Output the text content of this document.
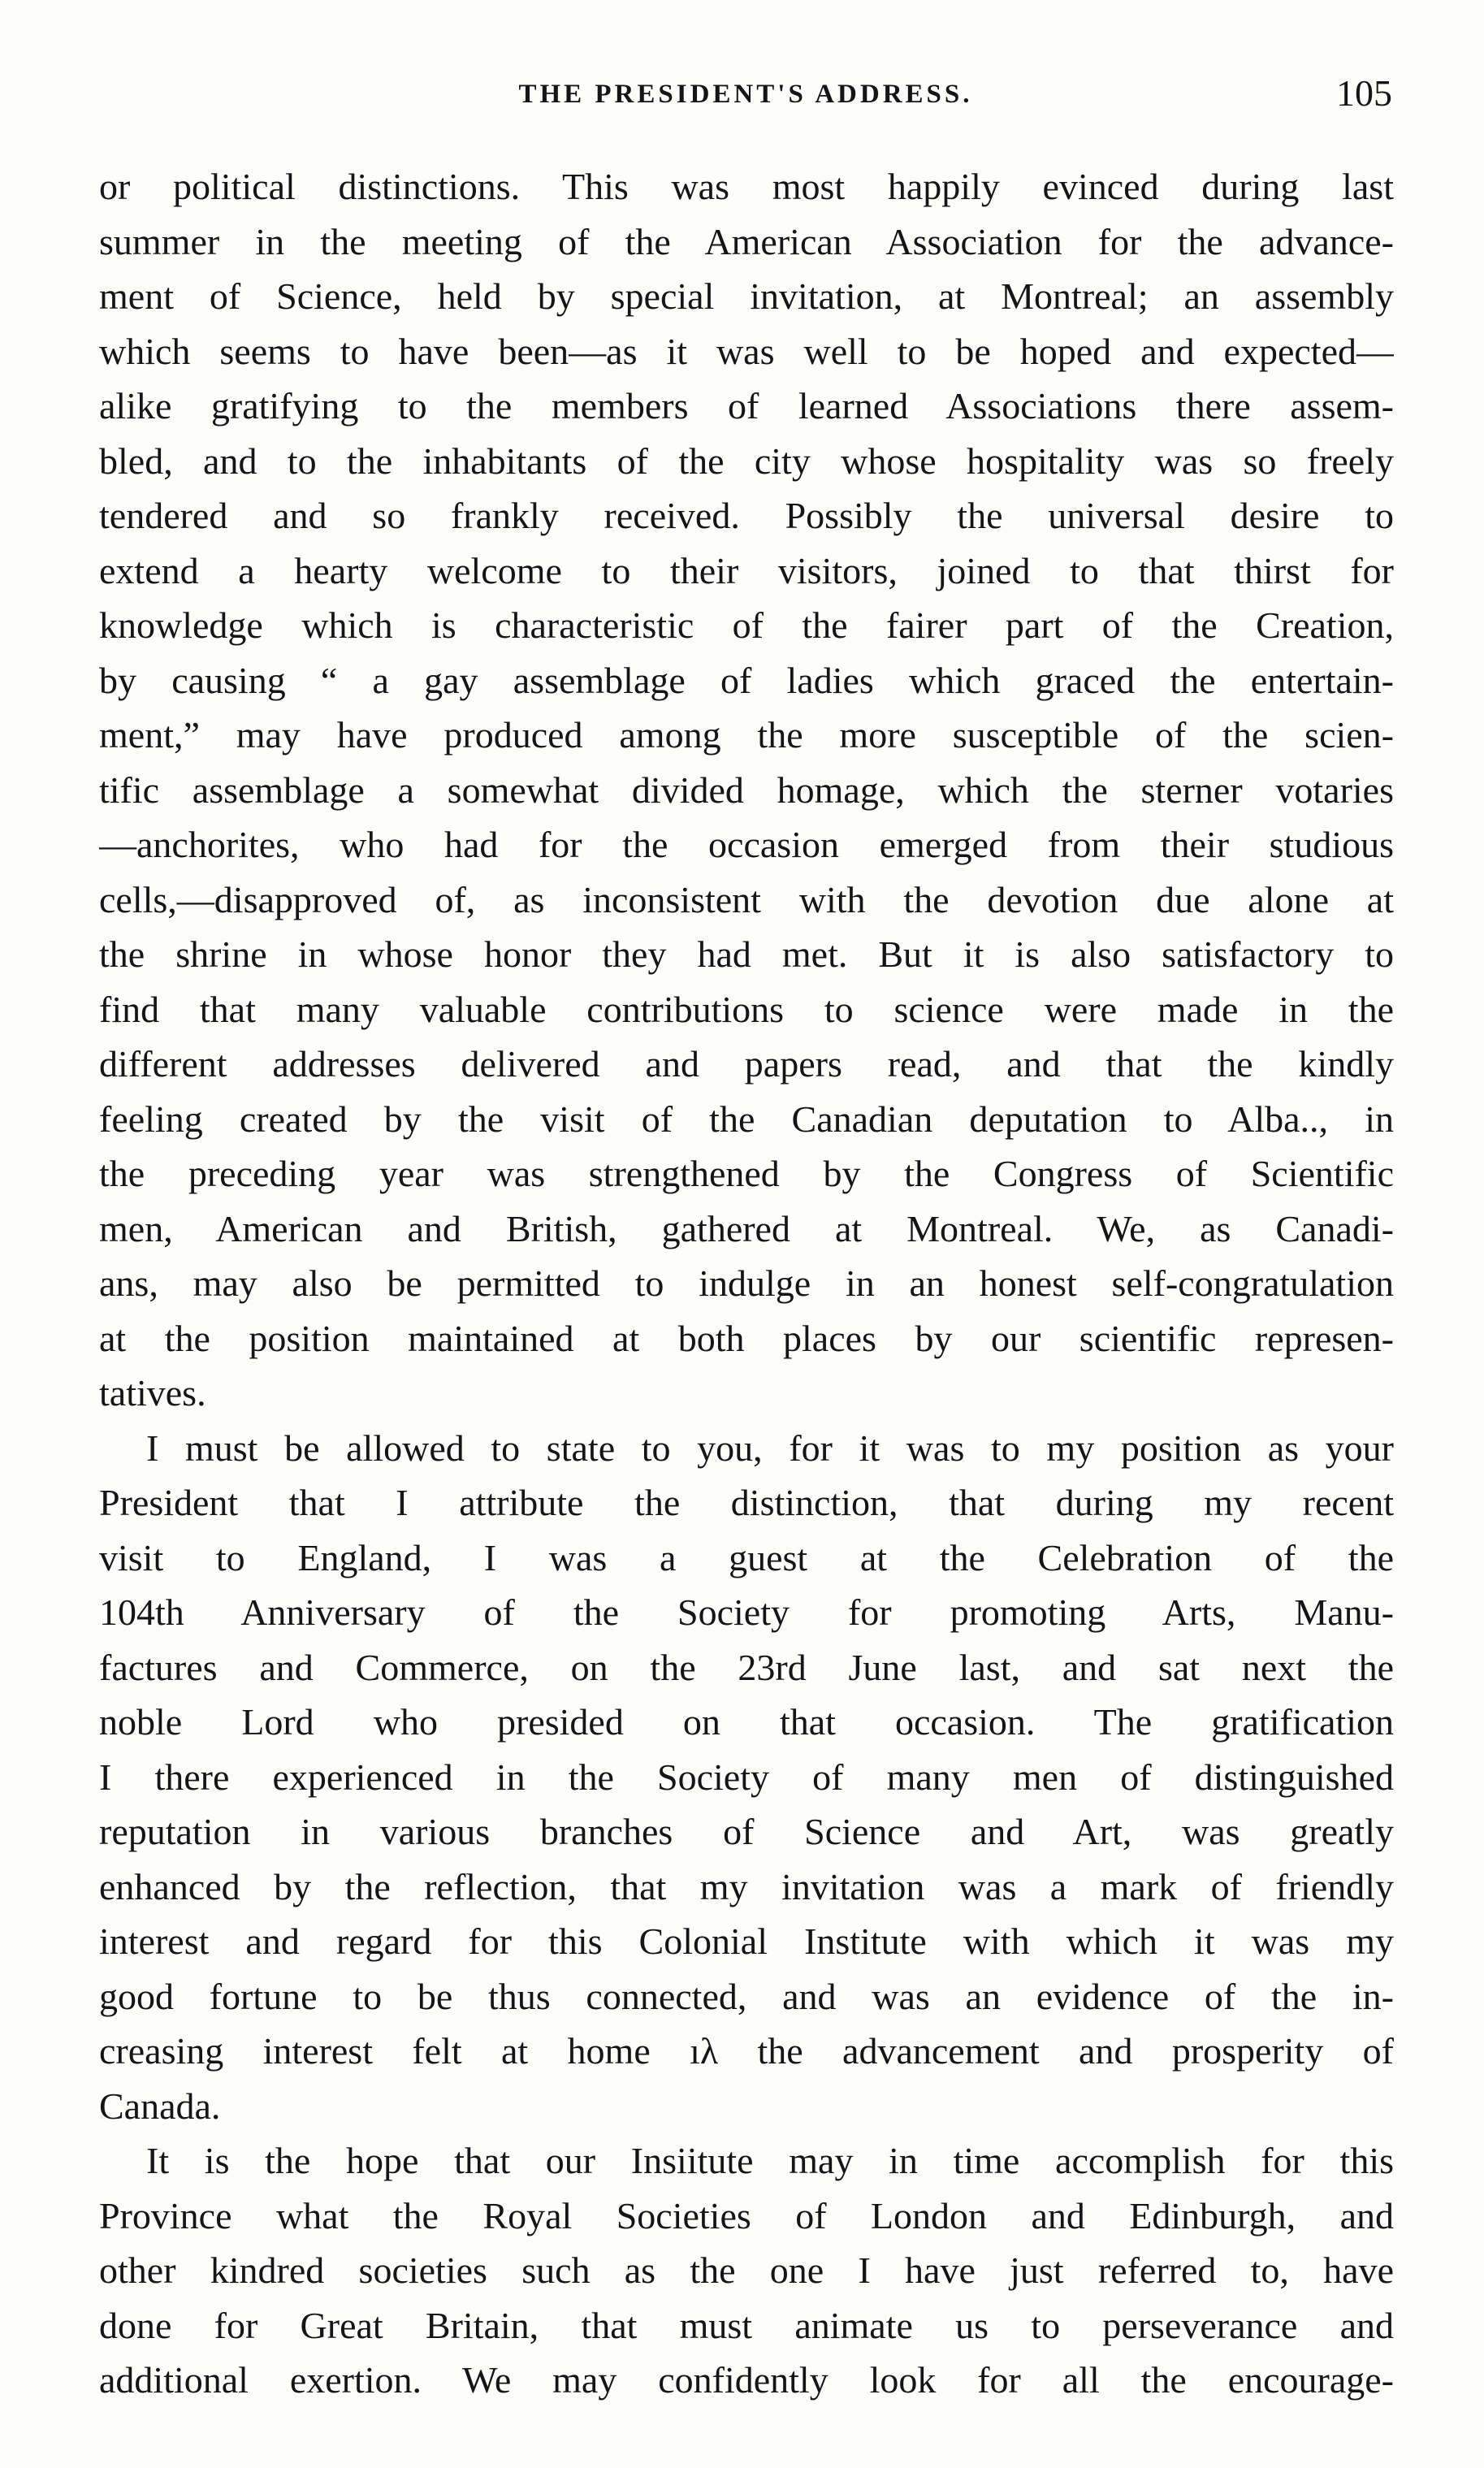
THE PRESIDENT'S ADDRESS.	105
or political distinctions. This was most happily evinced during last
summer in the meeting of the American Association for the advance-
ment of Science, held by special invitation, at Montreal; an assembly
which seems to have been—as it was well to be hoped and expected—
alike gratifying to the members of learned Associations there assem-
bled, and to the inhabitants of the city whose hospitality was so freely
tendered and so frankly received. Possibly the universal desire to
extend a hearty welcome to their visitors, joined to that thirst for
knowledge which is characteristic of the fairer part of the Creation,
by causing “ a gay assemblage of ladies which graced the entertain-
ment,” may have produced among the more susceptible of the scien-
tific assemblage a somewhat divided homage, which the sterner votaries
—anchorites, who had for the occasion emerged from their studious
cells,—disapproved of, as inconsistent with the devotion due alone at
the shrine in whose honor they had met. But it is also satisfactory to
find that many valuable contributions to science were made in the
different addresses delivered and papers read, and that the kindly
feeling created by the visit of the Canadian deputation to Alba.., in
the preceding year was strengthened by the Congress of Scientific
men, American and British, gathered at Montreal. We, as Canadi-
ans, may also be permitted to indulge in an honest self-congratulation
at the position maintained at both places by our scientific represen-
tatives.
I must be allowed to state to you, for it was to my position as your
President that I attribute the distinction, that during my recent
visit to England, I was a guest at the Celebration of the
104th Anniversary of the Society for promoting Arts, Manu-
factures and Commerce, on the 23rd June last, and sat next the
noble Lord who presided on that occasion. The gratification
I there experienced in the Society of many men of distinguished
reputation in various branches of Science and Art, was greatly
enhanced by the reflection, that my invitation was a mark of friendly
interest and regard for this Colonial Institute with which it was my
good fortune to be thus connected, and was an evidence of the in-
creasing interest felt at home ıλ the advancement and prosperity of
Canada.
It is the hope that our Insiitute may in time accomplish for this
Province what the Royal Societies of London and Edinburgh, and
other kindred societies such as the one I have just referred to, have
done for Great Britain, that must animate us to perseverance and
additional exertion. We may confidently look for all the encourage-
